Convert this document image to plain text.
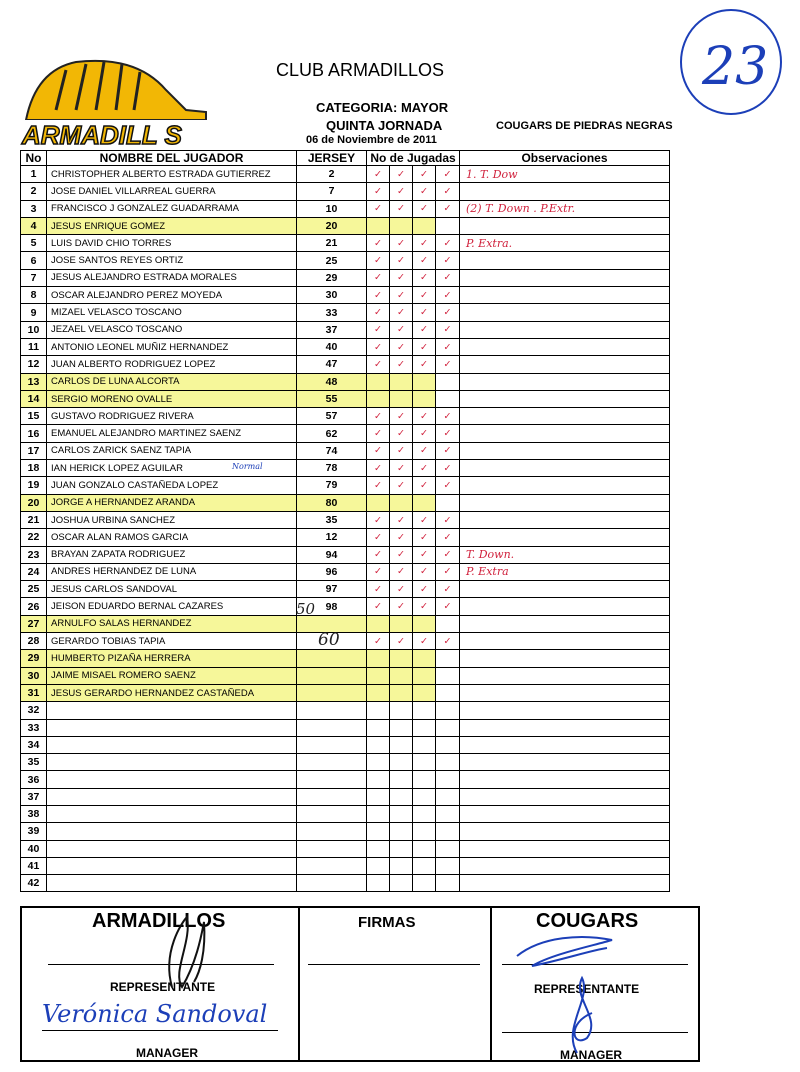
ARMADILL S
CLUB ARMADILLOS
CATEGORIA: MAYOR
QUINTA JORNADA
06 de Noviembre de 2011
COUGARS DE PIEDRAS NEGRAS
23
No	NOMBRE DEL JUGADOR	JERSEY	No de Jugadas				Observaciones
1	CHRISTOPHER ALBERTO ESTRADA GUTIERREZ	2	✓	✓	✓	✓	1. T. Dow
2	JOSE DANIEL VILLARREAL GUERRA	7	✓	✓	✓	✓	
3	FRANCISCO J GONZALEZ GUADARRAMA	10	✓	✓	✓	✓	(2) T. Down . P.Extr.
4	JESUS ENRIQUE GOMEZ	20					
5	LUIS DAVID CHIO TORRES	21	✓	✓	✓	✓	P. Extra.
6	JOSE SANTOS REYES ORTIZ	25	✓	✓	✓	✓	
7	JESUS ALEJANDRO ESTRADA MORALES	29	✓	✓	✓	✓	
8	OSCAR ALEJANDRO PEREZ MOYEDA	30	✓	✓	✓	✓	
9	MIZAEL VELASCO TOSCANO	33	✓	✓	✓	✓	
10	JEZAEL VELASCO TOSCANO	37	✓	✓	✓	✓	
11	ANTONIO LEONEL MUÑIZ HERNANDEZ	40	✓	✓	✓	✓	
12	JUAN ALBERTO RODRIGUEZ LOPEZ	47	✓	✓	✓	✓	
13	CARLOS DE LUNA ALCORTA	48					
14	SERGIO MORENO OVALLE	55					
15	GUSTAVO RODRIGUEZ RIVERA	57	✓	✓	✓	✓	
16	EMANUEL ALEJANDRO MARTINEZ SAENZ	62	✓	✓	✓	✓	
17	CARLOS ZARICK SAENZ TAPIA	74	✓	✓	✓	✓	
18	IAN HERICK LOPEZ AGUILAR	78	✓	✓	✓	✓	
19	JUAN GONZALO CASTAÑEDA LOPEZ	79	✓	✓	✓	✓	
20	JORGE A HERNANDEZ ARANDA	80					
21	JOSHUA URBINA SANCHEZ	35	✓	✓	✓	✓	
22	OSCAR ALAN RAMOS GARCIA	12	✓	✓	✓	✓	
23	BRAYAN ZAPATA RODRIGUEZ	94	✓	✓	✓	✓	T. Down.
24	ANDRES HERNANDEZ DE LUNA	96	✓	✓	✓	✓	P. Extra
25	JESUS CARLOS SANDOVAL	97	✓	✓	✓	✓	
26	JEISON EDUARDO BERNAL CAZARES	98	✓	✓	✓	✓	
27	ARNULFO SALAS HERNANDEZ						
28	GERARDO TOBIAS TAPIA		✓	✓	✓	✓	
29	HUMBERTO PIZAÑA HERRERA						
30	JAIME MISAEL ROMERO SAENZ						
31	JESUS GERARDO HERNANDEZ CASTAÑEDA						
32							
33							
34							
35							
36							
37							
38							
39							
40							
41							
42							
Normal
50
60
ARMADILLOS
REPRESENTANTE
Verónica Sandoval
MANAGER
FIRMAS	COUGARS
REPRESENTANTE
MANAGER
